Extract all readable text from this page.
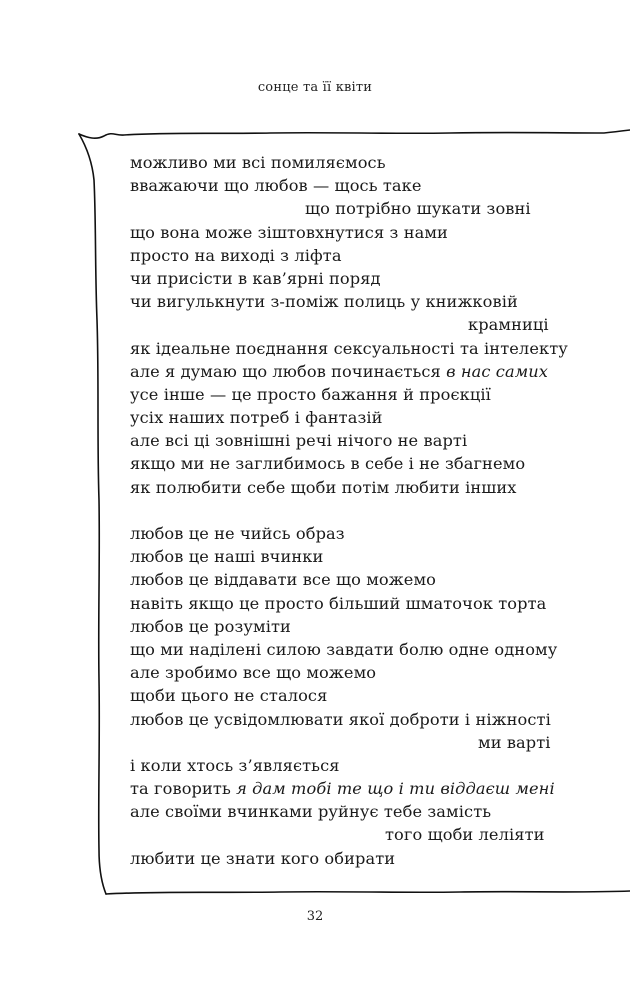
сонце та її квіти
можливо ми всі помиляємось
вважаючи що любов — щось таке
що потрібно шукати зовні
що вона може зіштовхнутися з нами
просто на виході з ліфта
чи присісти в кав’ярні поряд
чи вигулькнути з-поміж полиць у книжковій
крамниці
як ідеальне поєднання сексуальності та інтелекту
але я думаю що любов починається в нас самих
усе інше — це просто бажання й проєкції
усіх наших потреб і фантазій
але всі ці зовнішні речі нічого не варті
якщо ми не заглибимось в себе і не збагнемо
як полюбити себе щоби потім любити інших
любов це не чийсь образ
любов це наші вчинки
любов це віддавати все що можемо
навіть якщо це просто більший шматочок торта
любов це розуміти
що ми наділені силою завдати болю одне одному
але зробимо все що можемо
щоби цього не сталося
любов це усвідомлювати якої доброти і ніжності
ми варті
і коли хтось з’являється
та говорить я дам тобі те що і ти віддаєш мені
але своїми вчинками руйнує тебе замість
того щоби леліяти
любити це знати кого обирати
32
